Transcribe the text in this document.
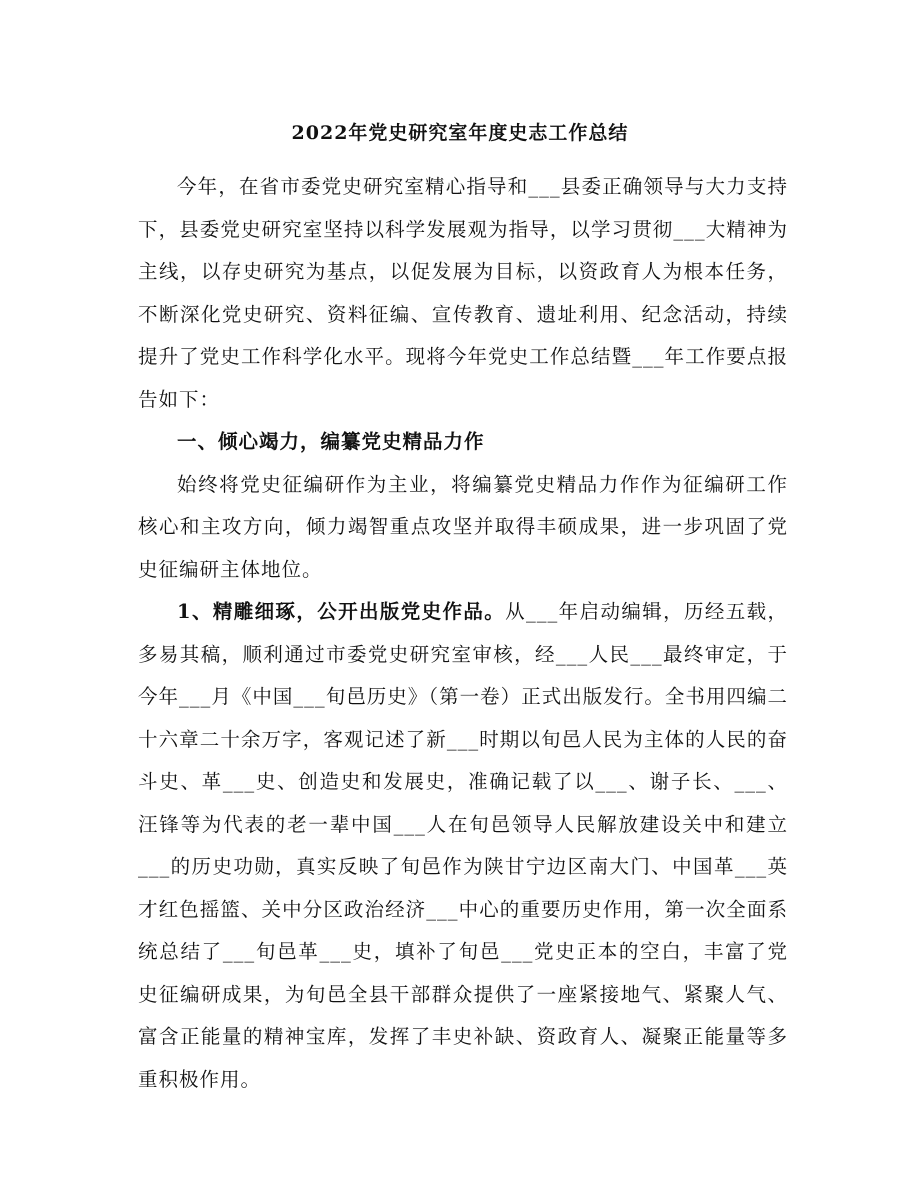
2022年党史研究室年度史志工作总结

今年，在省市委党史研究室精心指导和___县委正确领导与大力支持下，县委党史研究室坚持以科学发展观为指导，以学习贯彻___大精神为主线，以存史研究为基点，以促发展为目标，以资政育人为根本任务，不断深化党史研究、资料征编、宣传教育、遗址利用、纪念活动，持续提升了党史工作科学化水平。现将今年党史工作总结暨___年工作要点报告如下：

一、倾心竭力，编纂党史精品力作

始终将党史征编研作为主业，将编纂党史精品力作作为征编研工作核心和主攻方向，倾力竭智重点攻坚并取得丰硕成果，进一步巩固了党史征编研主体地位。

1、精雕细琢，公开出版党史作品。从___年启动编辑，历经五载，多易其稿，顺利通过市委党史研究室审核，经___人民___最终审定，于今年___月《中国___旬邑历史》（第一卷）正式出版发行。全书用四编二十六章二十余万字，客观记述了新___时期以旬邑人民为主体的人民的奋斗史、革___史、创造史和发展史，准确记载了以___、谢子长、___、汪锋等为代表的老一辈中国___人在旬邑领导人民解放建设关中和建立___的历史功勋，真实反映了旬邑作为陕甘宁边区南大门、中国革___英才红色摇篮、关中分区政治经济___中心的重要历史作用，第一次全面系统总结了___旬邑革___史，填补了旬邑___党史正本的空白，丰富了党史征编研成果，为旬邑全县干部群众提供了一座紧接地气、紧聚人气、富含正能量的精神宝库，发挥了丰史补缺、资政育人、凝聚正能量等多重积极作用。
